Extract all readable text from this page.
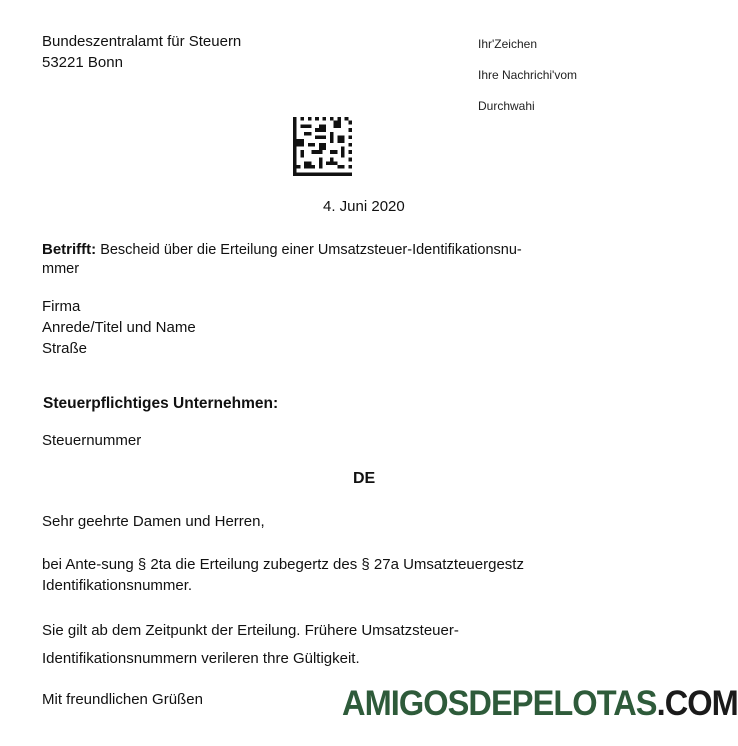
Bundeszentralamt für Steuern
53221 Bonn
Ihr'Zeichen
Ihre Nachrichi'vom
Durchwahi
4. Juni 2020
Betrifft: Bescheid über die Erteilung einer Umsatzsteuer-Identifikationsnu-
mmer
Firma
Anrede/Titel und Name
Straße
Steuerpflichtiges Unternehmen:
Steuernummer
DE
Sehr geehrte Damen und Herren,
bei Ante-sung § 2ta die Erteilung zubegertz des § 27a Umsatzteuergestz
Identifikationsnummer.
Sie gilt ab dem Zeitpunkt der Erteilung. Frühere Umsatzsteuer-
Identifikationsnummern verileren thre Gültigkeit.
Mit freundlichen Grüßen	AMIGOSDEPELOTAS.COM
